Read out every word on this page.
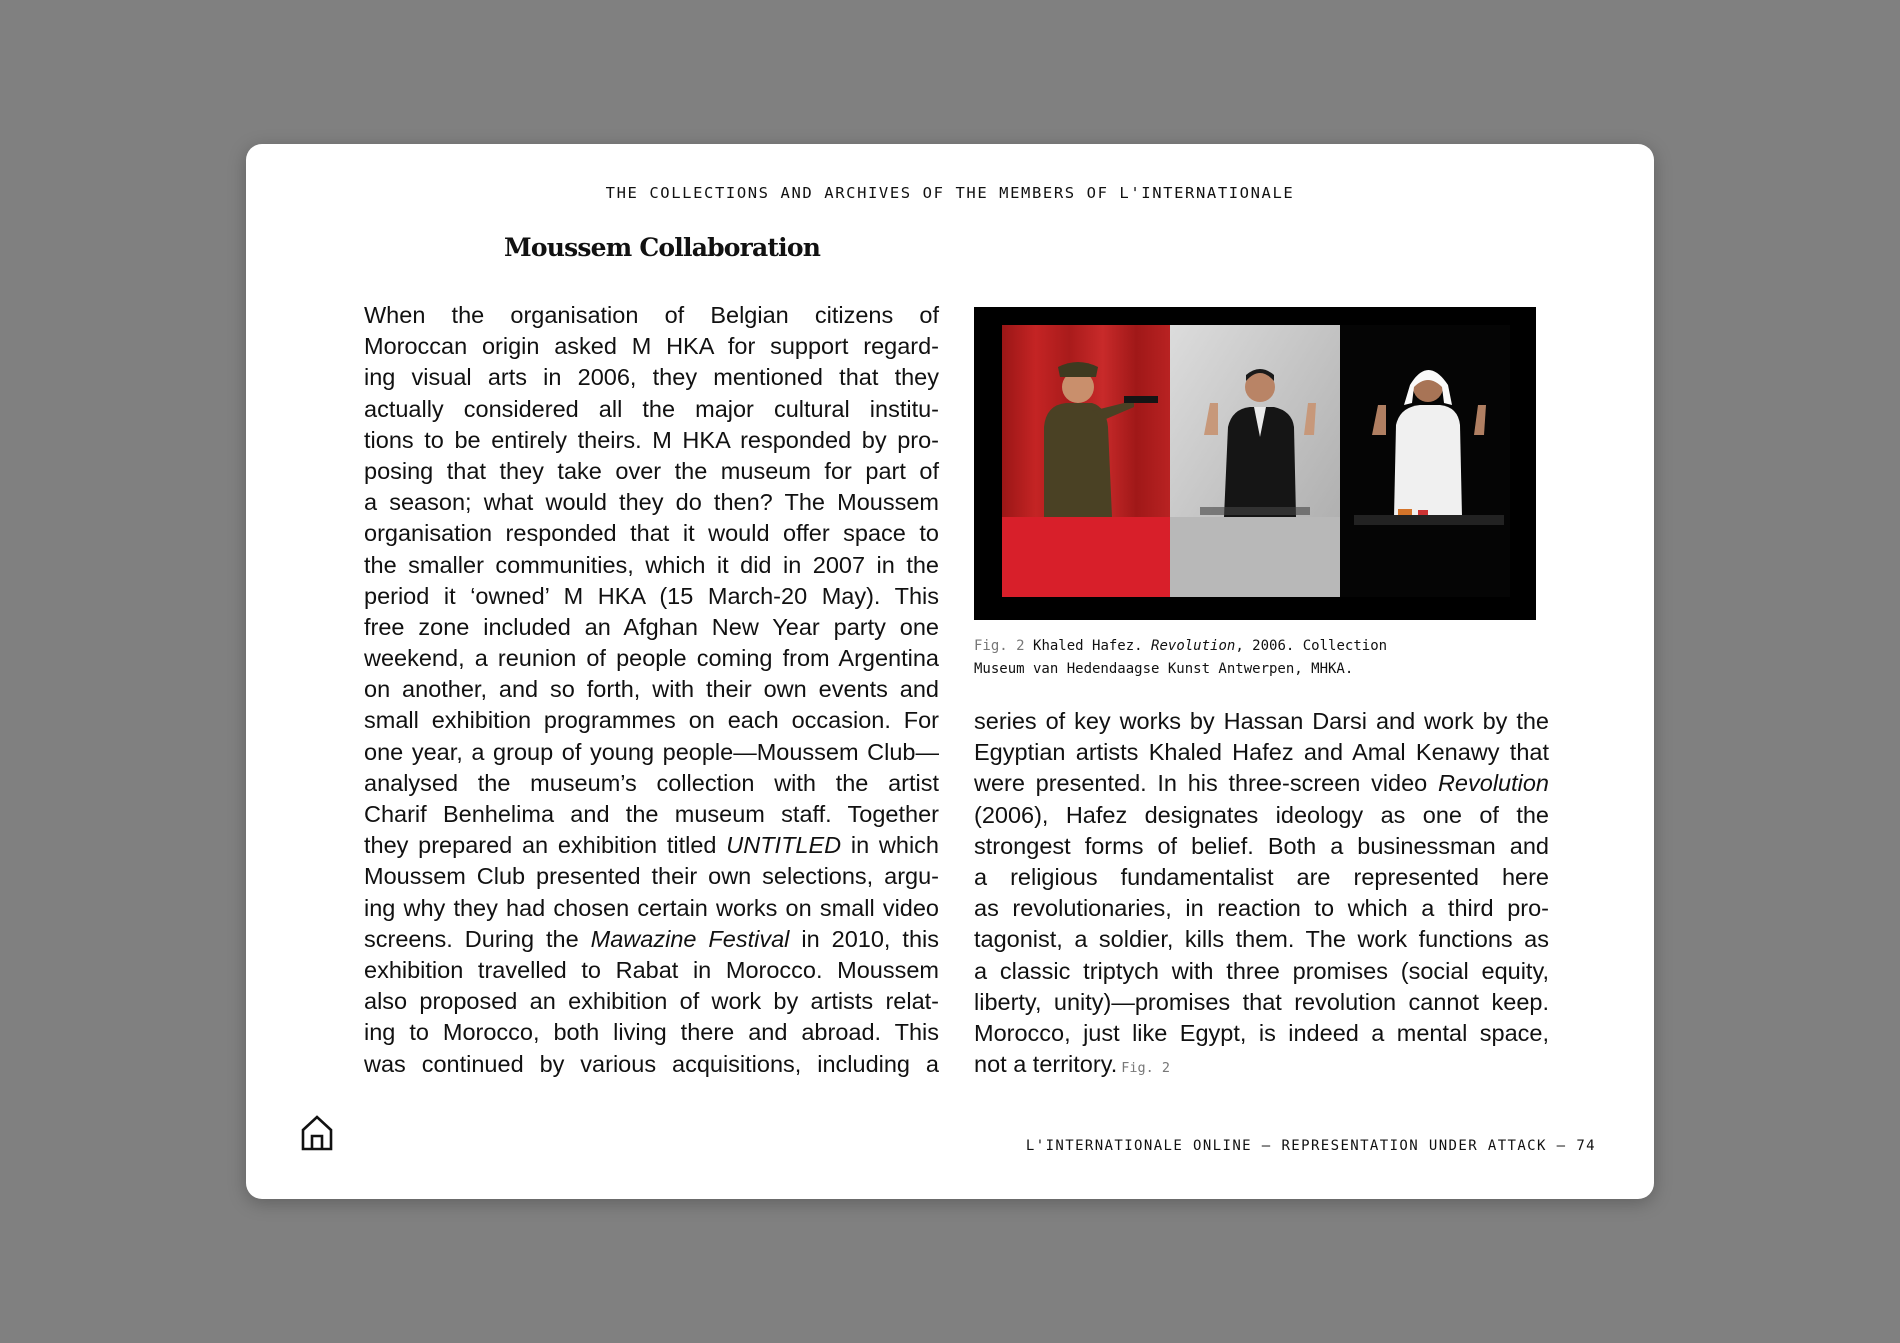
THE COLLECTIONS AND ARCHIVES OF THE MEMBERS OF L'INTERNATIONALE
Moussem Collaboration
When the organisation of Belgian citizens of
Moroccan origin asked M HKA for support regard-
ing visual arts in 2006, they mentioned that they
actually considered all the major cultural institu-
tions to be entirely theirs. M HKA responded by pro-
posing that they take over the museum for part of
a season; what would they do then? The Moussem
organisation responded that it would offer space to
the smaller communities, which it did in 2007 in the
period it ‘owned’ M HKA (15 March-20 May). This
free zone included an Afghan New Year party one
weekend, a reunion of people coming from Argentina
on another, and so forth, with their own events and
small exhibition programmes on each occasion. For
one year, a group of young people—Moussem Club—
analysed the museum’s collection with the artist
Charif Benhelima and the museum staff. Together
they prepared an exhibition titled UNTITLED in which
Moussem Club presented their own selections, argu-
ing why they had chosen certain works on small video
screens. During the Mawazine Festival in 2010, this
exhibition travelled to Rabat in Morocco. Moussem
also proposed an exhibition of work by artists relat-
ing to Morocco, both living there and abroad. This
was continued by various acquisitions, including a
Fig. 2 Khaled Hafez. Revolution, 2006. Collection
Museum van Hedendaagse Kunst Antwerpen, MHKA.
series of key works by Hassan Darsi and work by the
Egyptian artists Khaled Hafez and Amal Kenawy that
were presented. In his three-screen video Revolution
(2006), Hafez designates ideology as one of the
strongest forms of belief. Both a businessman and
a religious fundamentalist are represented here
as revolutionaries, in reaction to which a third pro-
tagonist, a soldier, kills them. The work functions as
a classic triptych with three promises (social equity,
liberty, unity)—promises that revolution cannot keep.
Morocco, just like Egypt, is indeed a mental space,
not a territory. Fig. 2
L'INTERNATIONALE ONLINE – REPRESENTATION UNDER ATTACK – 74
